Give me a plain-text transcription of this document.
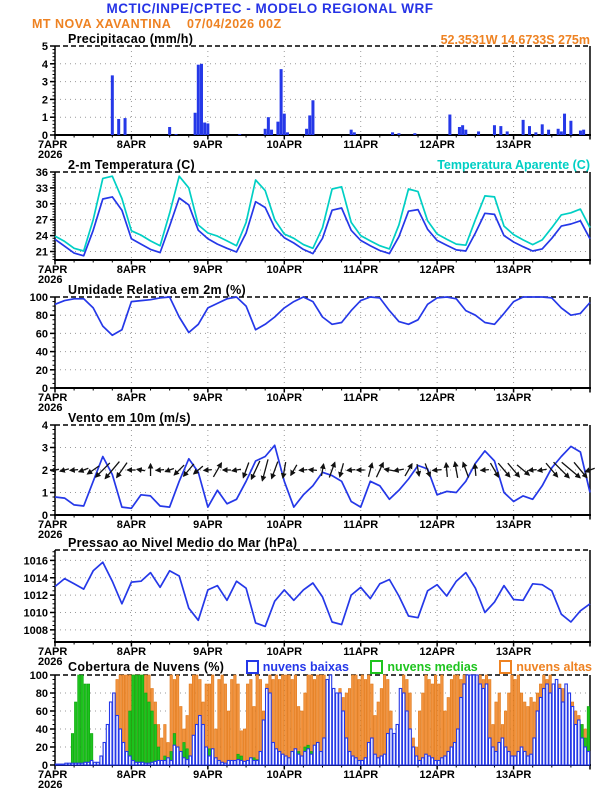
0
1
2
3
4
5
7APR
2026
8APR	9APR	10APR	11APR	12APR	13APR
21
24
27
30
33
36
7APR
2026
8APR	9APR	10APR	11APR	12APR	13APR
0
20
40
60
80
100
7APR
2026
8APR	9APR	10APR	11APR	12APR	13APR
0
1
2
3
4
7APR
2026
8APR	9APR	10APR	11APR	12APR	13APR
1008
1010
1012
1014
1016
7APR
2026
8APR	9APR	10APR	11APR	12APR	13APR
0
20
40
60
80
100
7APR
2026
8APR	9APR	10APR	11APR	12APR	13APR
MCTIC/INPE/CPTEC - MODELO REGIONAL WRF
MT NOVA XAVANTINA 07/04/2026 00Z
52.3531W 14.6733S 275m
Precipitacao (mm/h)
2-m Temperatura (C)	Temperatura Aparente (C)
Umidade Relativa em 2m (%)
Vento em 10m (m/s)
Pressao ao Nivel Medio do Mar (hPa)
Cobertura de Nuvens (%)	nuvens baixas	nuvens medias	nuvens altas
